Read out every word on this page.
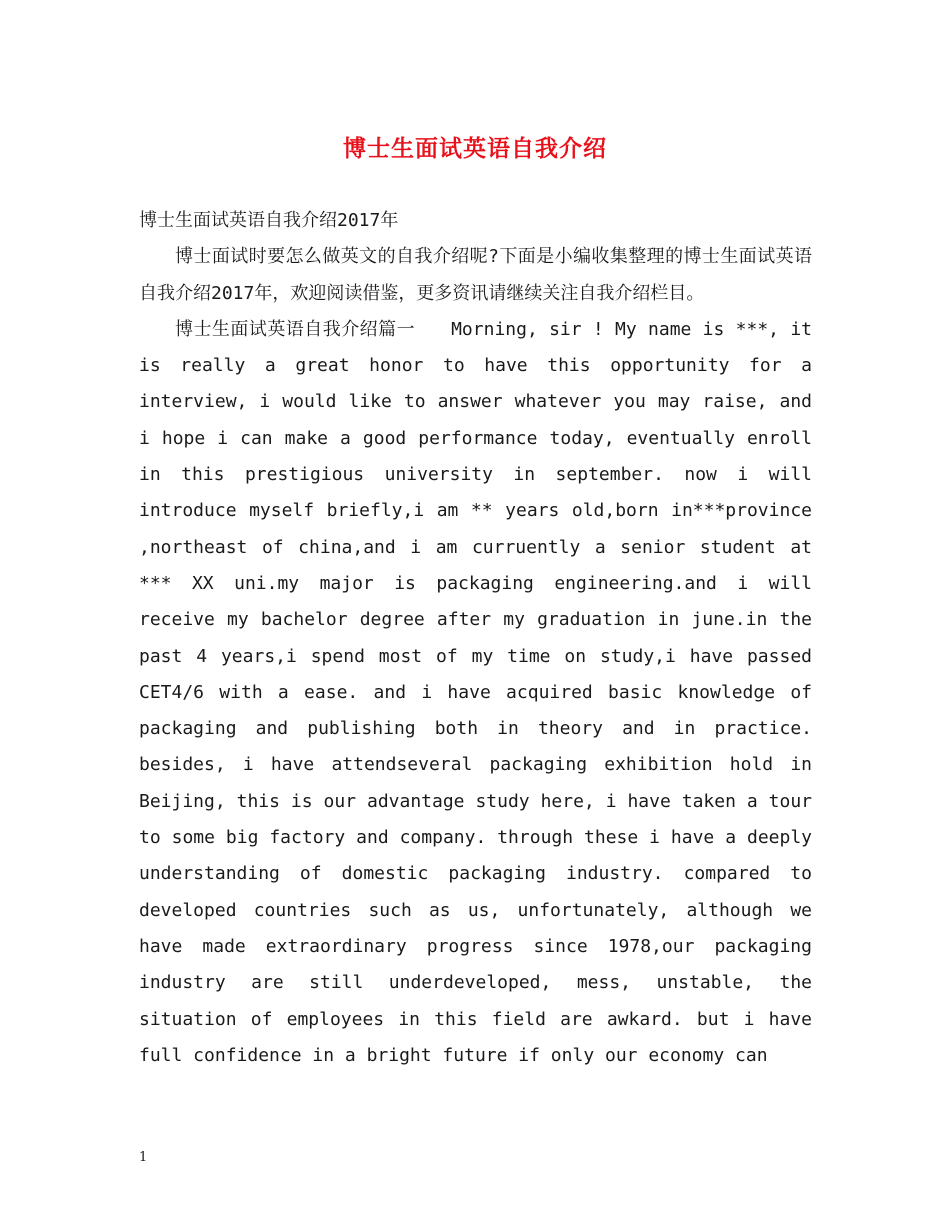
博士生面试英语自我介绍

博士生面试英语自我介绍2017年

博士面试时要怎么做英文的自我介绍呢?下面是小编收集整理的博士生面试英语自我介绍2017年，欢迎阅读借鉴，更多资讯请继续关注自我介绍栏目。

博士生面试英语自我介绍篇一 Morning, sir ! My name is ***, it is really a great honor to have this opportunity for a interview, i would like to answer whatever you may raise, and i hope i can make a good performance today, eventually enroll in this prestigious university in september. now i will introduce myself briefly,i am ** years old,born in***province ,northeast of china,and i am curruently a senior student at *** XX uni.my major is packaging engineering.and i will receive my bachelor degree after my graduation in june.in the past 4 years,i spend most of my time on study,i have passed CET4/6 with a ease. and i have acquired basic knowledge of packaging and publishing both in theory and in practice. besides, i have attendseveral packaging exhibition hold in Beijing, this is our advantage study here, i have taken a tour to some big factory and company. through these i have a deeply understanding of domestic packaging industry. compared to developed countries such as us, unfortunately, although we have made extraordinary progress since 1978,our packaging industry are still underdeveloped, mess, unstable, the situation of employees in this field are awkard. but i have full confidence in a bright future if only our economy can

1
